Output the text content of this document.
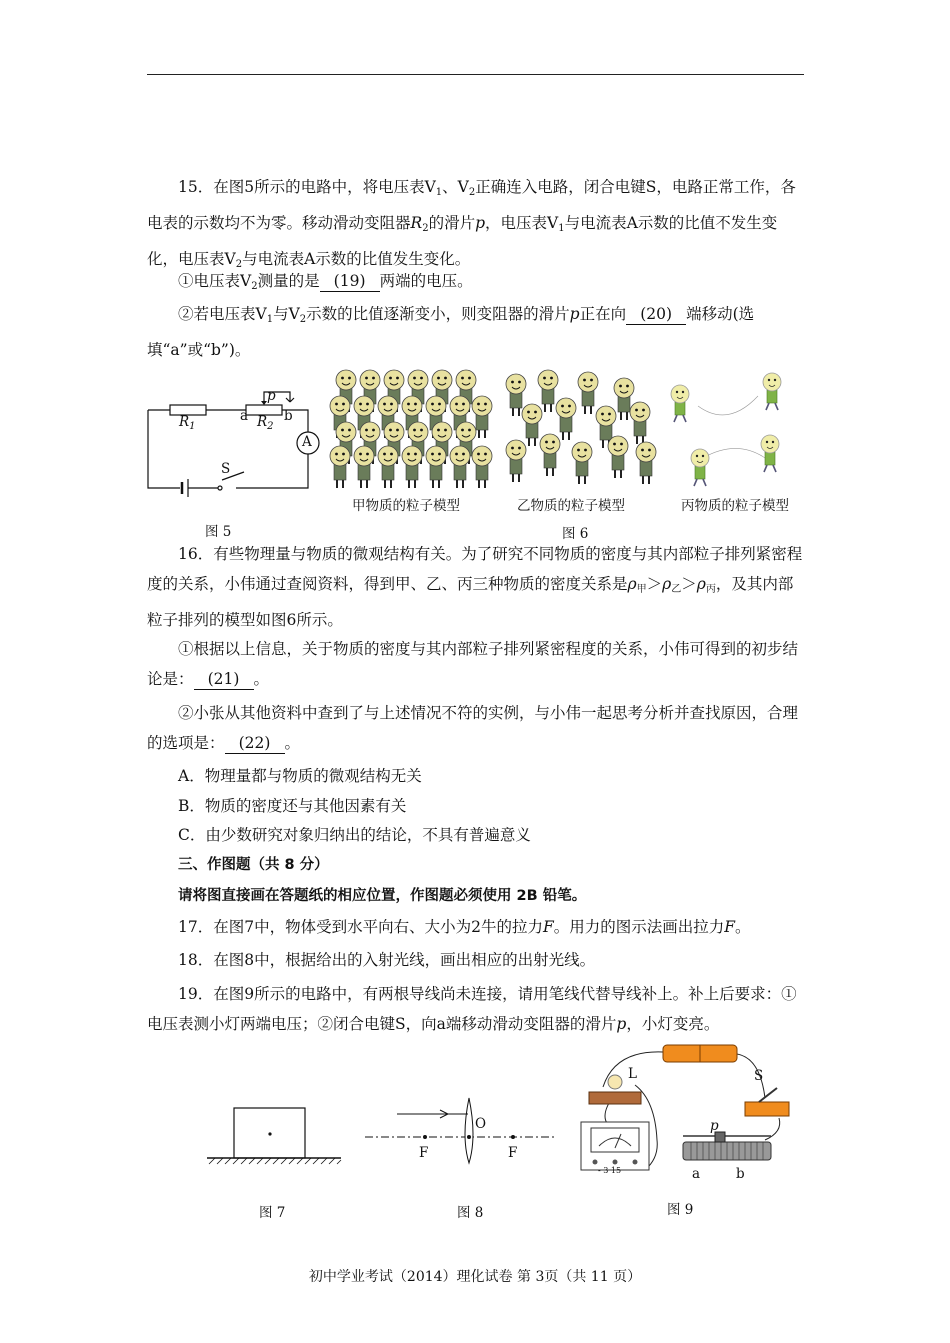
15．在图5所示的电路中，将电压表$V_1$、$V_2$正确连入电路，闭合电键S，电路正常工作，各电表的示数均不为零。移动滑动变阻器$R_2$的滑片p，电压表$V_1$与电流表A示数的比值不发生变化，电压表$V_2$与电流表A示数的比值发生变化。

①电压表$V_2$测量的是 (19) 两端的电压。

②若电压表$V_1$与$V_2$示数的比值逐渐变小，则变阻器的滑片p正在向 (20) 端移动(选填“a”或“b”)。

$R_1$
a $R_2$
b
p
A
S
图 5
甲物质的粒子模型	乙物质的粒子模型	丙物质的粒子模型
图 6

16．有些物理量与物质的微观结构有关。为了研究不同物质的密度与其内部粒子排列紧密程度的关系，小伟通过查阅资料，得到甲、乙、丙三种物质的密度关系是$\rho_甲>\rho_乙>\rho_丙$，及其内部粒子排列的模型如图6所示。

①根据以上信息，关于物质的密度与其内部粒子排列紧密程度的关系，小伟可得到的初步结论是： (21) 。

②小张从其他资料中查到了与上述情况不符的实例，与小伟一起思考分析并查找原因，合理的选项是： (22) 。

A．物理量都与物质的微观结构无关

B．物质的密度还与其他因素有关

C．由少数研究对象归纳出的结论，不具有普遍意义

三、作图题（共 8 分）

请将图直接画在答题纸的相应位置，作图题必须使用 2B 铅笔。

17．在图7中，物体受到水平向右、大小为2牛的拉力F。用力的图示法画出拉力F。

18．在图8中，根据给出的入射光线，画出相应的出射光线。

19．在图9所示的电路中，有两根导线尚未连接，请用笔线代替导线补上。补上后要求：①电压表测小灯两端电压；②闭合电键S，向a端移动滑动变阻器的滑片p，小灯变亮。

图 7
O
F	F
图 8
L	S
p
a	b
- 3 15
图 9
初中学业考试（2014）理化试卷 第 3页（共 11 页）
